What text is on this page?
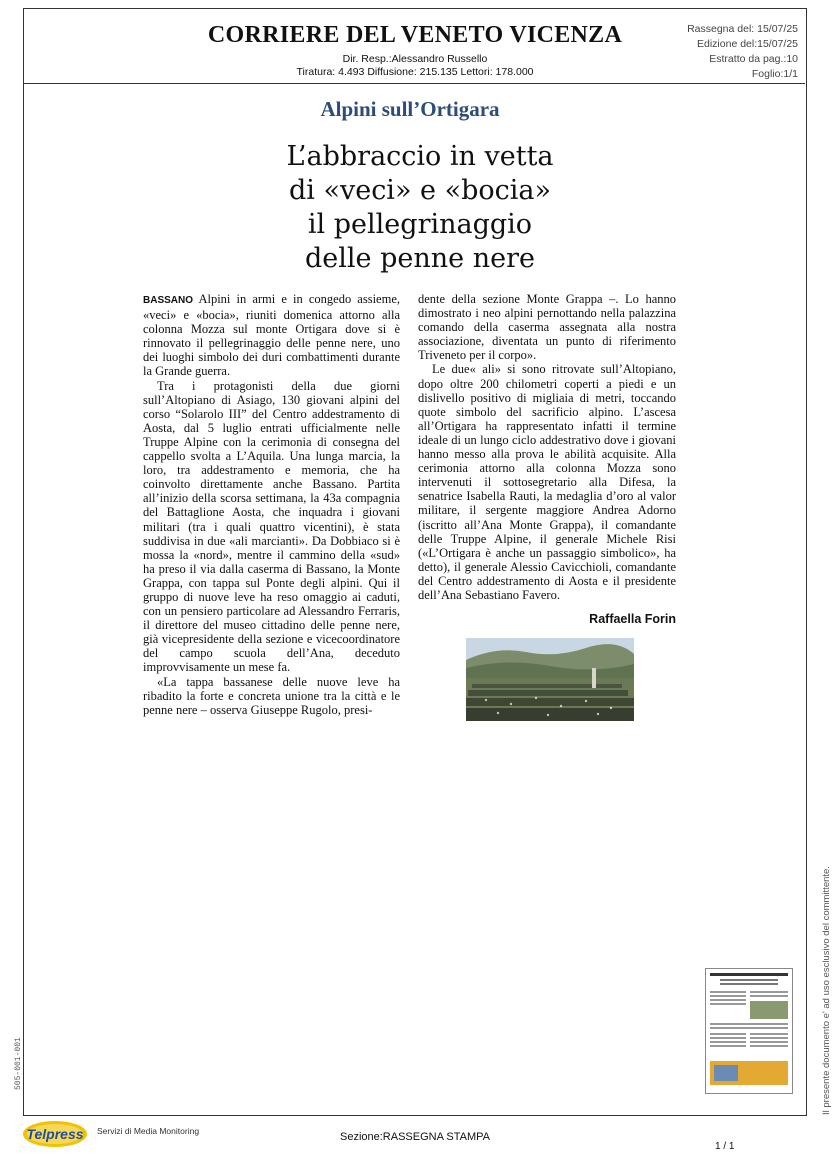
CORRIERE DEL VENETO VICENZA
Dir. Resp.:Alessandro Russello
Tiratura: 4.493 Diffusione: 215.135 Lettori: 178.000
Rassegna del: 15/07/25
Edizione del:15/07/25
Estratto da pag.:10
Foglio:1/1
Alpini sull’Ortigara
L’abbraccio in vetta
di «veci» e «bocia»
il pellegrinaggio
delle penne nere

BASSANO Alpini in armi e in congedo assieme, «veci» e «bocia», riuniti domenica attorno alla colonna Mozza sul monte Ortigara dove si è rinnovato il pellegrinaggio delle penne nere, uno dei luoghi simbolo dei duri combattimenti durante la Grande guerra.

Tra i protagonisti della due giorni sull’Altopiano di Asiago, 130 giovani alpini del corso “Solarolo III” del Centro addestramento di Aosta, dal 5 luglio entrati ufficialmente nelle Truppe Alpine con la cerimonia di consegna del cappello svolta a L’Aquila. Una lunga marcia, la loro, tra addestramento e memoria, che ha coinvolto direttamente anche Bassano. Partita all’inizio della scorsa settimana, la 43a compagnia del Battaglione Aosta, che inquadra i giovani militari (tra i quali quattro vicentini), è stata suddivisa in due «ali marcianti». Da Dobbiaco si è mossa la «nord», mentre il cammino della «sud» ha preso il via dalla caserma di Bassano, la Monte Grappa, con tappa sul Ponte degli alpini. Qui il gruppo di nuove leve ha reso omaggio ai caduti, con un pensiero particolare ad Alessandro Ferraris, il direttore del museo cittadino delle penne nere, già vicepresidente della sezione e vicecoordinatore del campo scuola dell’Ana, deceduto improvvisamente un mese fa.

«La tappa bassanese delle nuove leve ha ribadito la forte e concreta unione tra la città e le penne nere – osserva Giuseppe Rugolo, presi-

dente della sezione Monte Grappa –. Lo hanno dimostrato i neo alpini pernottando nella palazzina comando della caserma assegnata alla nostra associazione, diventata un punto di riferimento Triveneto per il corpo».

Le due« ali» si sono ritrovate sull’Altopiano, dopo oltre 200 chilometri coperti a piedi e un dislivello positivo di migliaia di metri, toccando quote simbolo del sacrificio alpino. L’ascesa all’Ortigara ha rappresentato infatti il termine ideale di un lungo ciclo addestrativo dove i giovani hanno messo alla prova le abilità acquisite. Alla cerimonia attorno alla colonna Mozza sono intervenuti il sottosegretario alla Difesa, la senatrice Isabella Rauti, la medaglia d’oro al valor militare, il sergente maggiore Andrea Adorno (iscritto all’Ana Monte Grappa), il comandante delle Truppe Alpine, il generale Michele Risi («L’Ortigara è anche un passaggio simbolico», ha detto), il generale Alessio Cavicchioli, comandante del Centro addestramento di Aosta e il presidente dell’Ana Sebastiano Favero.

Raffaella Forin
Il presente documento e' ad uso esclusivo del committente.
505-001-001
Telpress	Servizi di Media Monitoring	Sezione:RASSEGNA STAMPA
1 / 1
